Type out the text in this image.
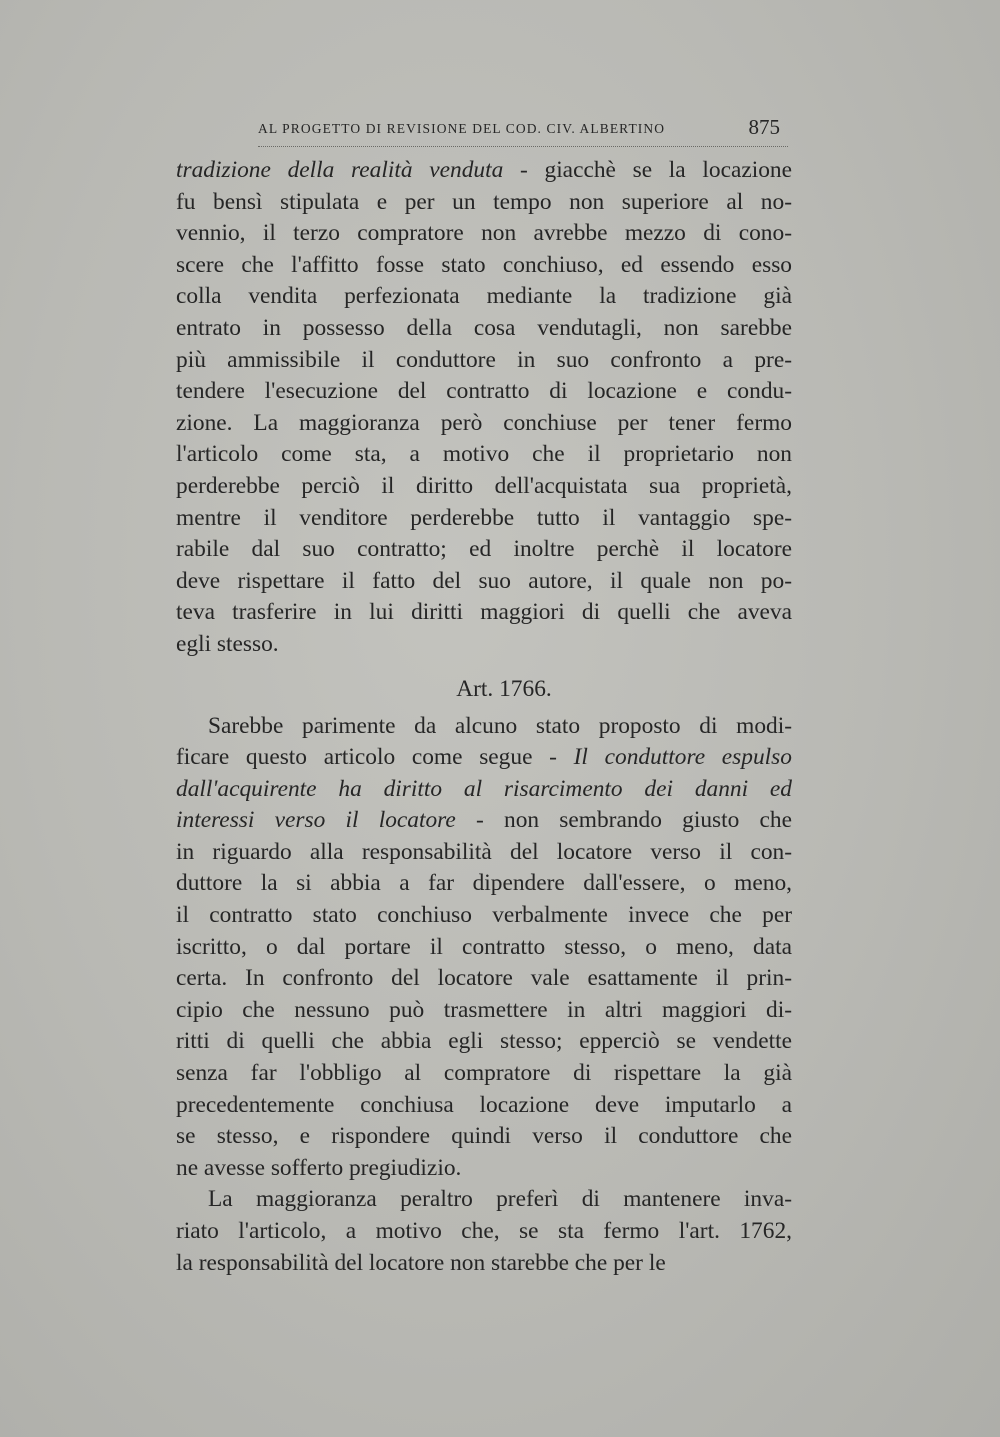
AL PROGETTO DI REVISIONE DEL COD. CIV. ALBERTINO	875
tradizione della realità venduta - giacchè se la locazione
fu bensì stipulata e per un tempo non superiore al no-
vennio, il terzo compratore non avrebbe mezzo di cono-
scere che l'affitto fosse stato conchiuso, ed essendo esso
colla vendita perfezionata mediante la tradizione già
entrato in possesso della cosa vendutagli, non sarebbe
più ammissibile il conduttore in suo confronto a pre-
tendere l'esecuzione del contratto di locazione e condu-
zione. La maggioranza però conchiuse per tener fermo
l'articolo come sta, a motivo che il proprietario non
perderebbe perciò il diritto dell'acquistata sua proprietà,
mentre il venditore perderebbe tutto il vantaggio spe-
rabile dal suo contratto; ed inoltre perchè il locatore
deve rispettare il fatto del suo autore, il quale non po-
teva trasferire in lui diritti maggiori di quelli che aveva
egli stesso.
Art. 1766.
Sarebbe parimente da alcuno stato proposto di modi-
ficare questo articolo come segue - Il conduttore espulso
dall'acquirente ha diritto al risarcimento dei danni ed
interessi verso il locatore - non sembrando giusto che
in riguardo alla responsabilità del locatore verso il con-
duttore la si abbia a far dipendere dall'essere, o meno,
il contratto stato conchiuso verbalmente invece che per
iscritto, o dal portare il contratto stesso, o meno, data
certa. In confronto del locatore vale esattamente il prin-
cipio che nessuno può trasmettere in altri maggiori di-
ritti di quelli che abbia egli stesso; epperciò se vendette
senza far l'obbligo al compratore di rispettare la già
precedentemente conchiusa locazione deve imputarlo a
se stesso, e rispondere quindi verso il conduttore che
ne avesse sofferto pregiudizio.
La maggioranza peraltro preferì di mantenere inva-
riato l'articolo, a motivo che, se sta fermo l'art. 1762,
la responsabilità del locatore non starebbe che per le
